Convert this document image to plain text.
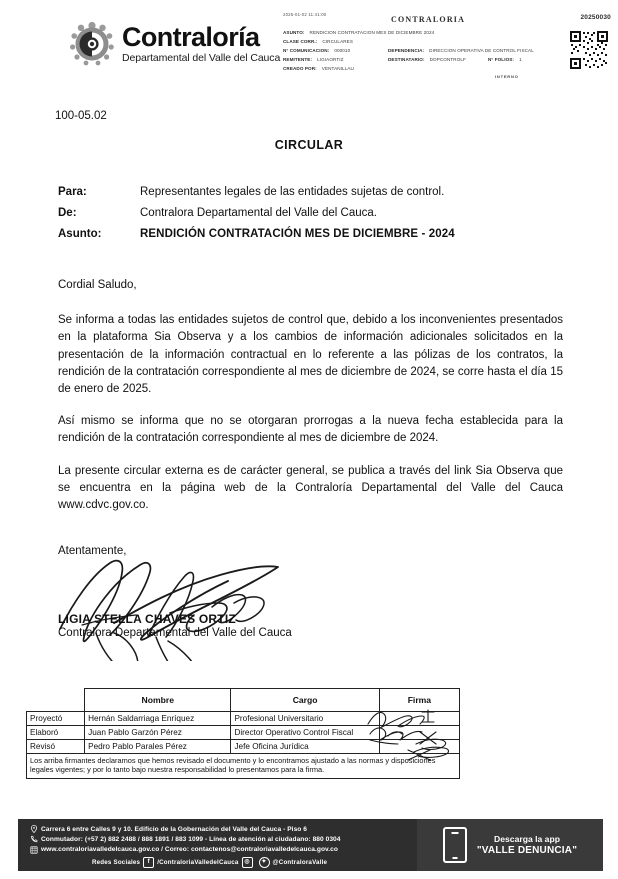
Contraloría
Departamental del Valle del Cauca
2025-01-02 11:41:00
CONTRALORIA	20250030
ASUNTO: RENDICION CONTRATACION MES DE DICIEMBRE 2024
CLASE CORR.: CIRCULARES
N° COMUNICACION: 000010	DEPENDENCIA: DIRECCION OPERATIVA DE CONTROL FISCAL
REMITENTE: LIGIAORTIZ	DESTINATARIO: DOPCONTROLF	N° FOLIOS: 1
CREADO POR: VENTANILLAU
INTERNO
100-05.02
CIRCULAR
Para:	Representantes legales de las entidades sujetas de control.
De:	Contralora Departamental del Valle del Cauca.
Asunto:	RENDICIÓN CONTRATACIÓN MES DE DICIEMBRE - 2024

Cordial Saludo,

Se informa a todas las entidades sujetos de control que, debido a los inconvenientes presentados en la plataforma Sia Observa y a los cambios de información adicionales solicitados en la presentación de la información contractual en lo referente a las pólizas de los contratos, la rendición de la contratación correspondiente al mes de diciembre de 2024, se corre hasta el día 15 de enero de 2025.

Así mismo se informa que no se otorgaran prorrogas a la nueva fecha establecida para la rendición de la contratación correspondiente al mes de diciembre de 2024.

La presente circular externa es de carácter general, se publica a través del link Sia Observa que se encuentra en la página web de la Contraloría Departamental del Valle del Cauca www.cdvc.gov.co.

Atentamente,
LIGIA STELLA CHAVES ORTIZ
Contralora Departamental del Valle del Cauca
	Nombre	Cargo	Firma
Proyectó	Hernán Saldarriaga Enríquez	Profesional Universitario	
Elaboró	Juan Pablo Garzón Pérez	Director Operativo Control Fiscal	
Revisó	Pedro Pablo Parales Pérez	Jefe Oficina Jurídica	
Los arriba firmantes declaramos que hemos revisado el documento y lo encontramos ajustado a las normas y disposiciones legales vigentes; y por lo tanto bajo nuestra responsabilidad lo presentamos para la firma.
Carrera 6 entre Calles 9 y 10. Edificio de la Gobernación del Valle del Cauca - Piso 6
Conmutador: (+57 2) 882 2488 / 888 1891 / 883 1099 - Línea de atención al ciudadano: 880 0304
www.contraloriavalledelcauca.gov.co / Correo: contactenos@contraloriavalledelcauca.gov.co
Redes Sociales	f	/ContraloriaValledelCauca ◎	✦ @ContraloraValle
Descarga la app
"VALLE DENUNCIA"
